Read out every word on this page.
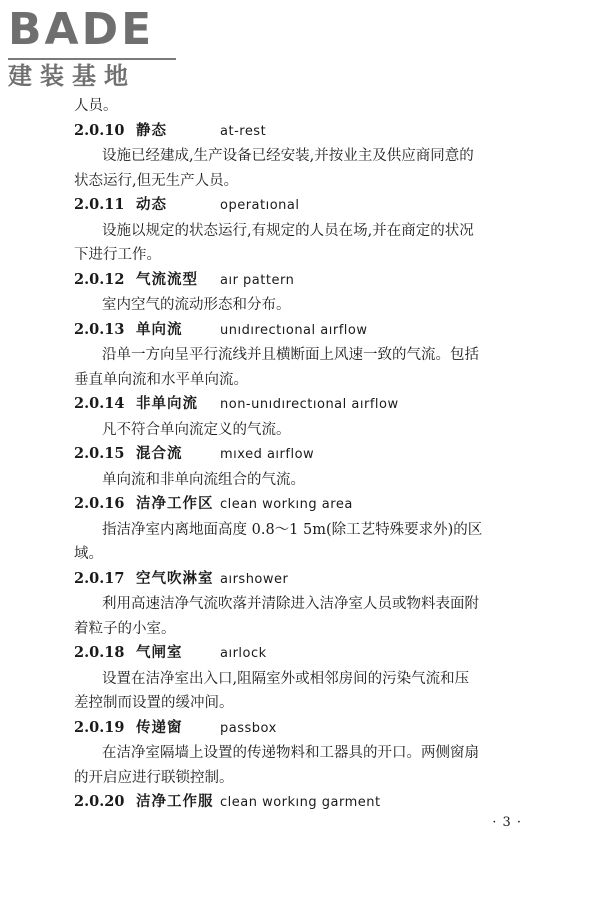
BADE
建装基地
人员。
2.0.10 静态	at-rest
设施已经建成,生产设备已经安装,并按业主及供应商同意的
状态运行,但无生产人员。
2.0.11 动态	operatıonal
设施以规定的状态运行,有规定的人员在场,并在商定的状况
下进行工作。
2.0.12 气流流型	aır pattern
室内空气的流动形态和分布。
2.0.13 单向流	unıdırectıonal aırflow
沿单一方向呈平行流线并且横断面上风速一致的气流。包括
垂直单向流和水平单向流。
2.0.14 非单向流	non-unıdırectıonal aırflow
凡不符合单向流定义的气流。
2.0.15 混合流	mıxed aırflow
单向流和非单向流组合的气流。
2.0.16 洁净工作区 clean workıng area
指洁净室内离地面高度 0.8～1 5m(除工艺特殊要求外)的区
域。
2.0.17 空气吹淋室 aırshower
利用高速洁净气流吹落并清除进入洁净室人员或物料表面附
着粒子的小室。
2.0.18 气闸室	aırlock
设置在洁净室出入口,阻隔室外或相邻房间的污染气流和压
差控制而设置的缓冲间。
2.0.19 传递窗	passbox
在洁净室隔墙上设置的传递物料和工器具的开口。两侧窗扇
的开启应进行联锁控制。
2.0.20 洁净工作服 clean workıng garment
· 3 ·
